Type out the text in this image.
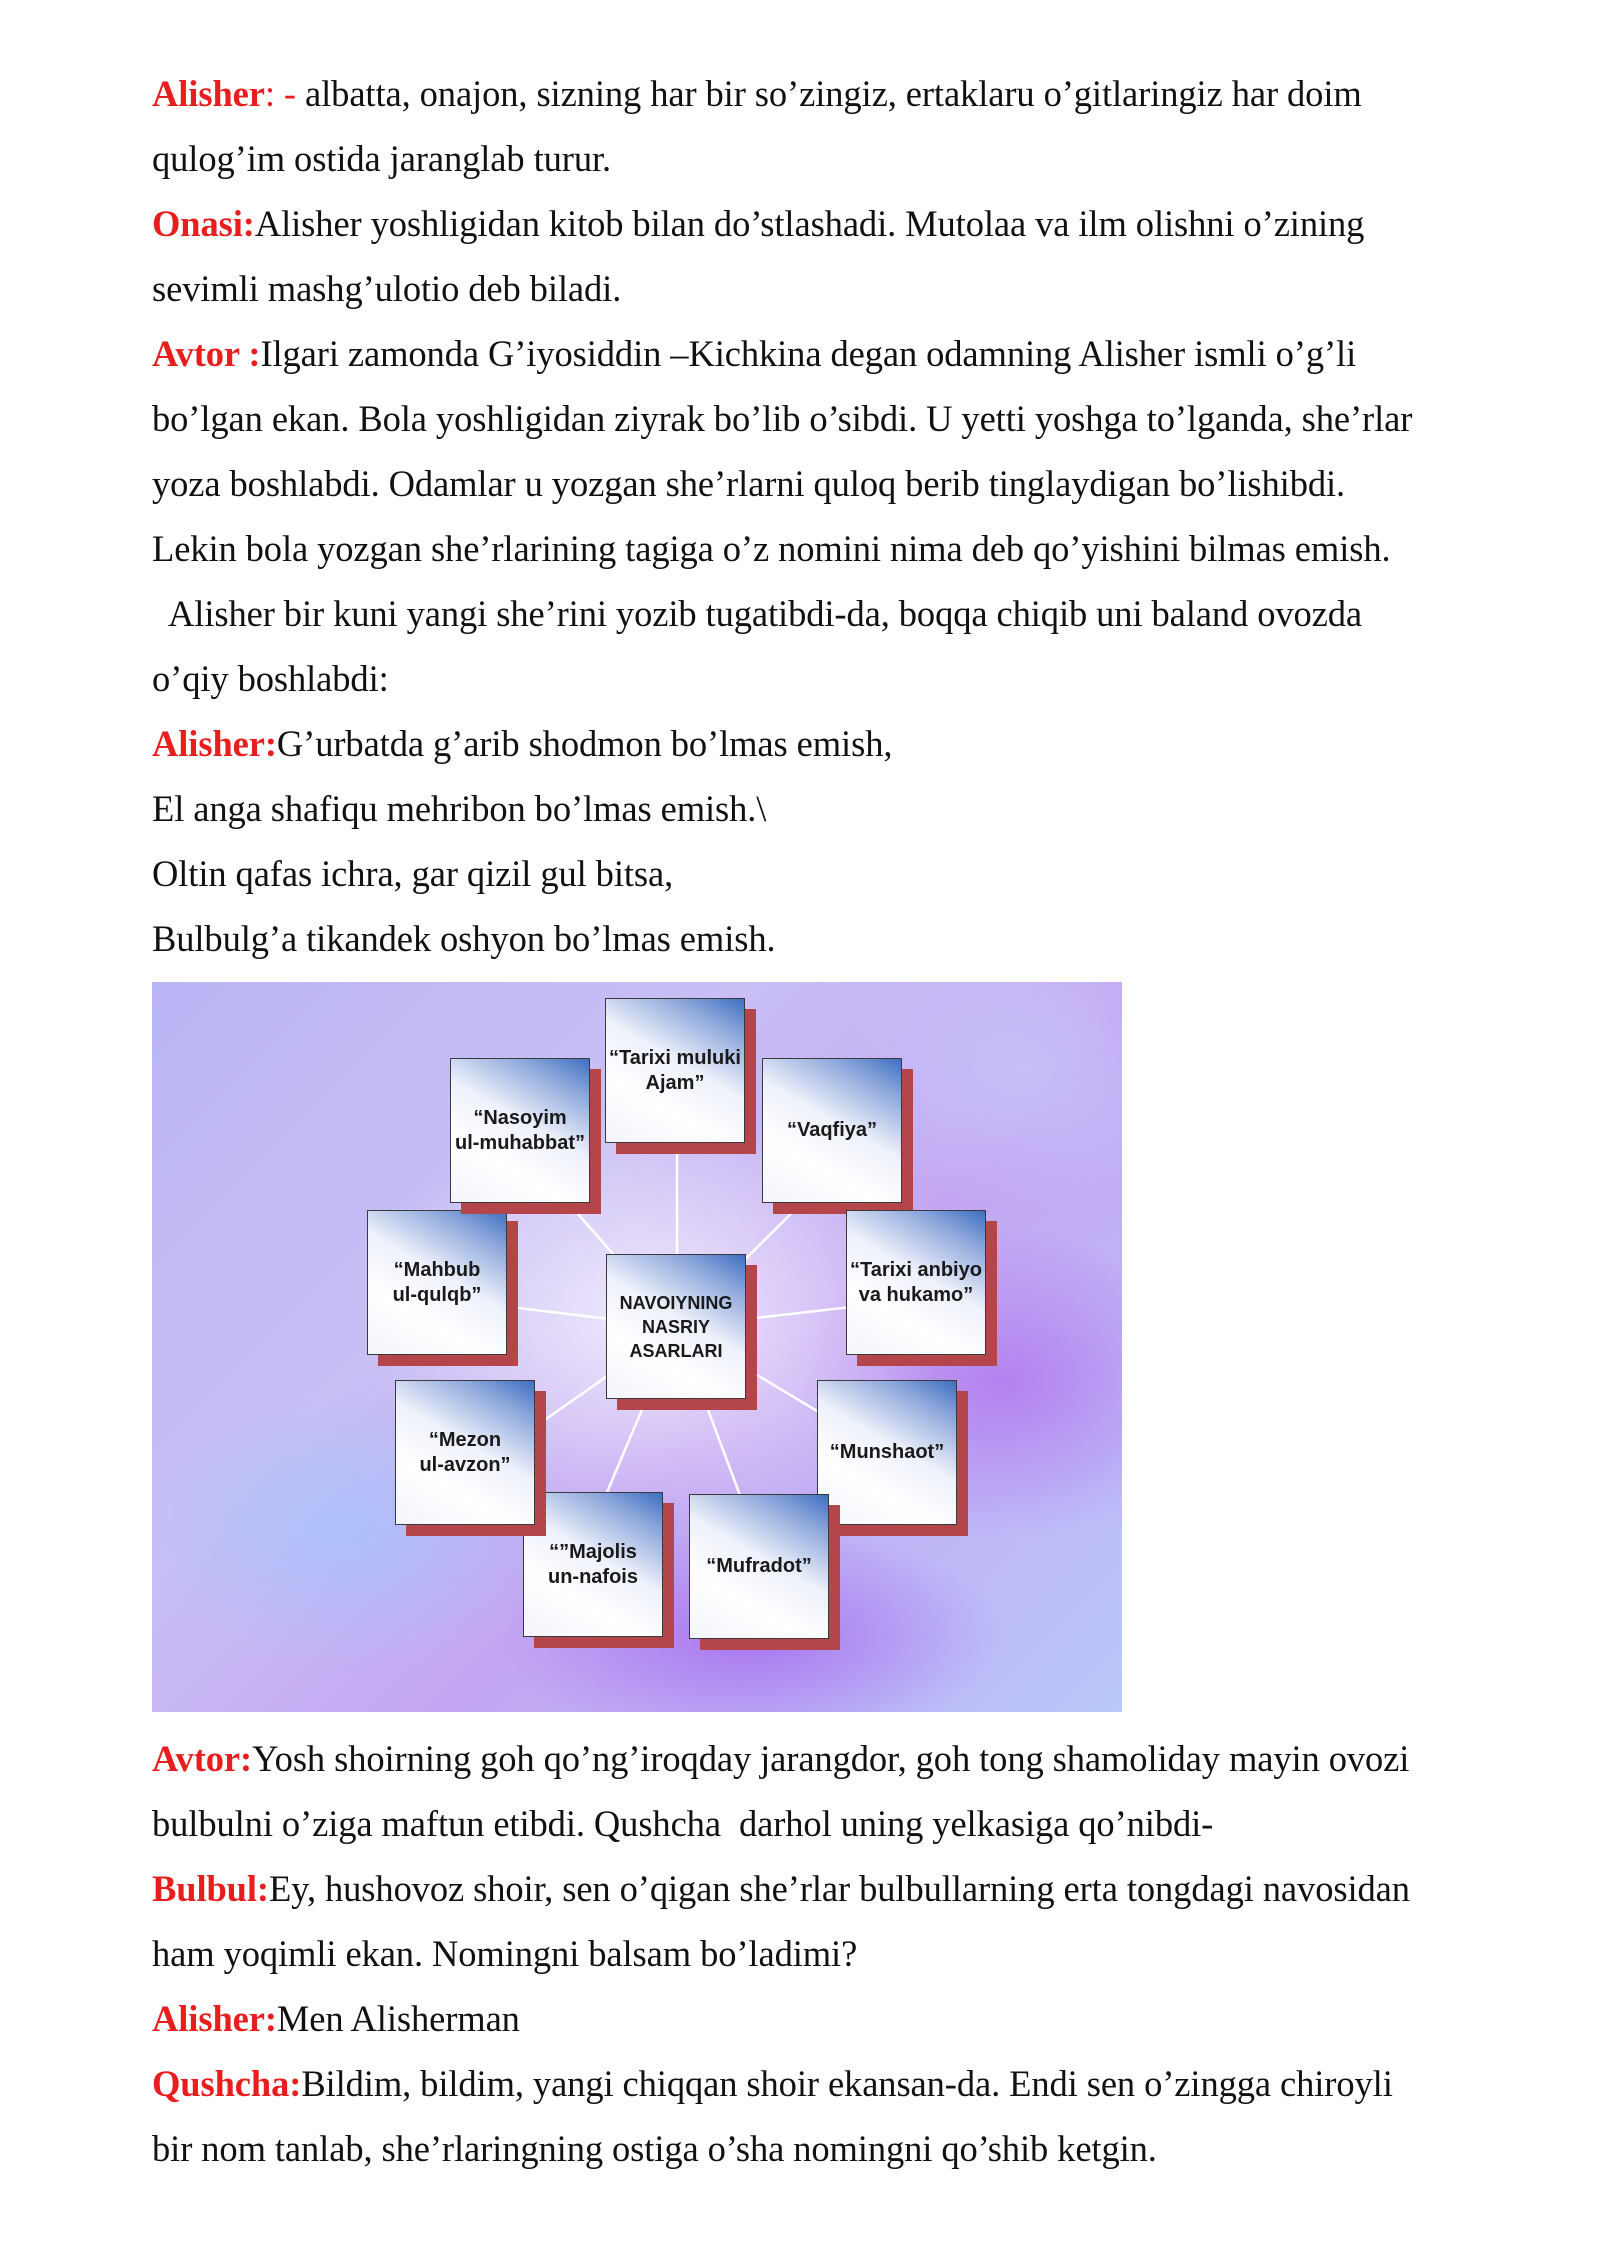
Alisher: - albatta, onajon, sizning har bir so’zingiz, ertaklaru o’gitlaringiz har doim
qulog’im ostida jaranglab turur.
Onasi:Alisher yoshligidan kitob bilan do’stlashadi. Mutolaa va ilm olishni o’zining
sevimli mashg’ulotio deb biladi.
Avtor :Ilgari zamonda G’iyosiddin –Kichkina degan odamning Alisher ismli o’g’li
bo’lgan ekan. Bola yoshligidan ziyrak bo’lib o’sibdi. U yetti yoshga to’lganda, she’rlar
yoza boshlabdi. Odamlar u yozgan she’rlarni quloq berib tinglaydigan bo’lishibdi.
Lekin bola yozgan she’rlarining tagiga o’z nomini nima deb qo’yishini bilmas emish.
Alisher bir kuni yangi she’rini yozib tugatibdi-da, boqqa chiqib uni baland ovozda
o’qiy boshlabdi:
Alisher:G’urbatda g’arib shodmon bo’lmas emish,
El anga shafiqu mehribon bo’lmas emish.\
Oltin qafas ichra, gar qizil gul bitsa,
Bulbulg’a tikandek oshyon bo’lmas emish.
“Tarixi muluki
Ajam”
“Vaqfiya”
“Tarixi anbiyo
va hukamo”
“Munshaot”
“Mufradot”
“”Majolis
un-nafois
“Mezon
ul-avzon”
“Mahbub
ul-qulqb”
“Nasoyim
ul-muhabbat”
NAVOIYNING
NASRIY
ASARLARI
Avtor:Yosh shoirning goh qo’ng’iroqday jarangdor, goh tong shamoliday mayin ovozi
bulbulni o’ziga maftun etibdi. Qushcha  darhol uning yelkasiga qo’nibdi-
Bulbul:Ey, hushovoz shoir, sen o’qigan she’rlar bulbullarning erta tongdagi navosidan
ham yoqimli ekan. Nomingni balsam bo’ladimi?
Alisher:Men Alisherman
Qushcha:Bildim, bildim, yangi chiqqan shoir ekansan-da. Endi sen o’zingga chiroyli
bir nom tanlab, she’rlaringning ostiga o’sha nomingni qo’shib ketgin.
